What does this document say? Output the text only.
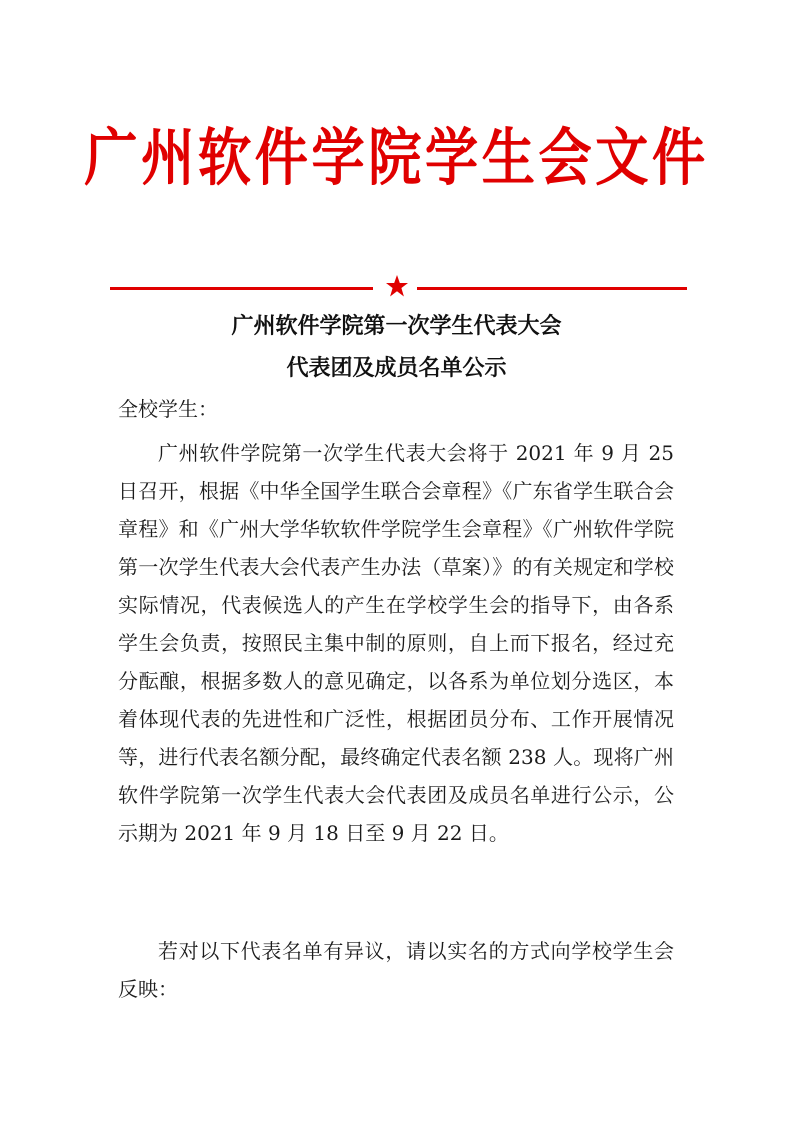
广州软件学院学生会文件
广州软件学院第一次学生代表大会
代表团及成员名单公示
全校学生：

广州软件学院第一次学生代表大会将于 2021 年 9 月 25 日召开，根据《中华全国学生联合会章程》《广东省学生联合会章程》和《广州大学华软软件学院学生会章程》《广州软件学院第一次学生代表大会代表产生办法（草案）》的有关规定和学校实际情况，代表候选人的产生在学校学生会的指导下，由各系学生会负责，按照民主集中制的原则，自上而下报名，经过充分酝酿，根据多数人的意见确定，以各系为单位划分选区，本着体现代表的先进性和广泛性，根据团员分布、工作开展情况等，进行代表名额分配，最终确定代表名额 238 人。现将广州软件学院第一次学生代表大会代表团及成员名单进行公示，公示期为 2021 年 9 月 18 日至 9 月 22 日。

若对以下代表名单有异议，请以实名的方式向学校学生会反映：
